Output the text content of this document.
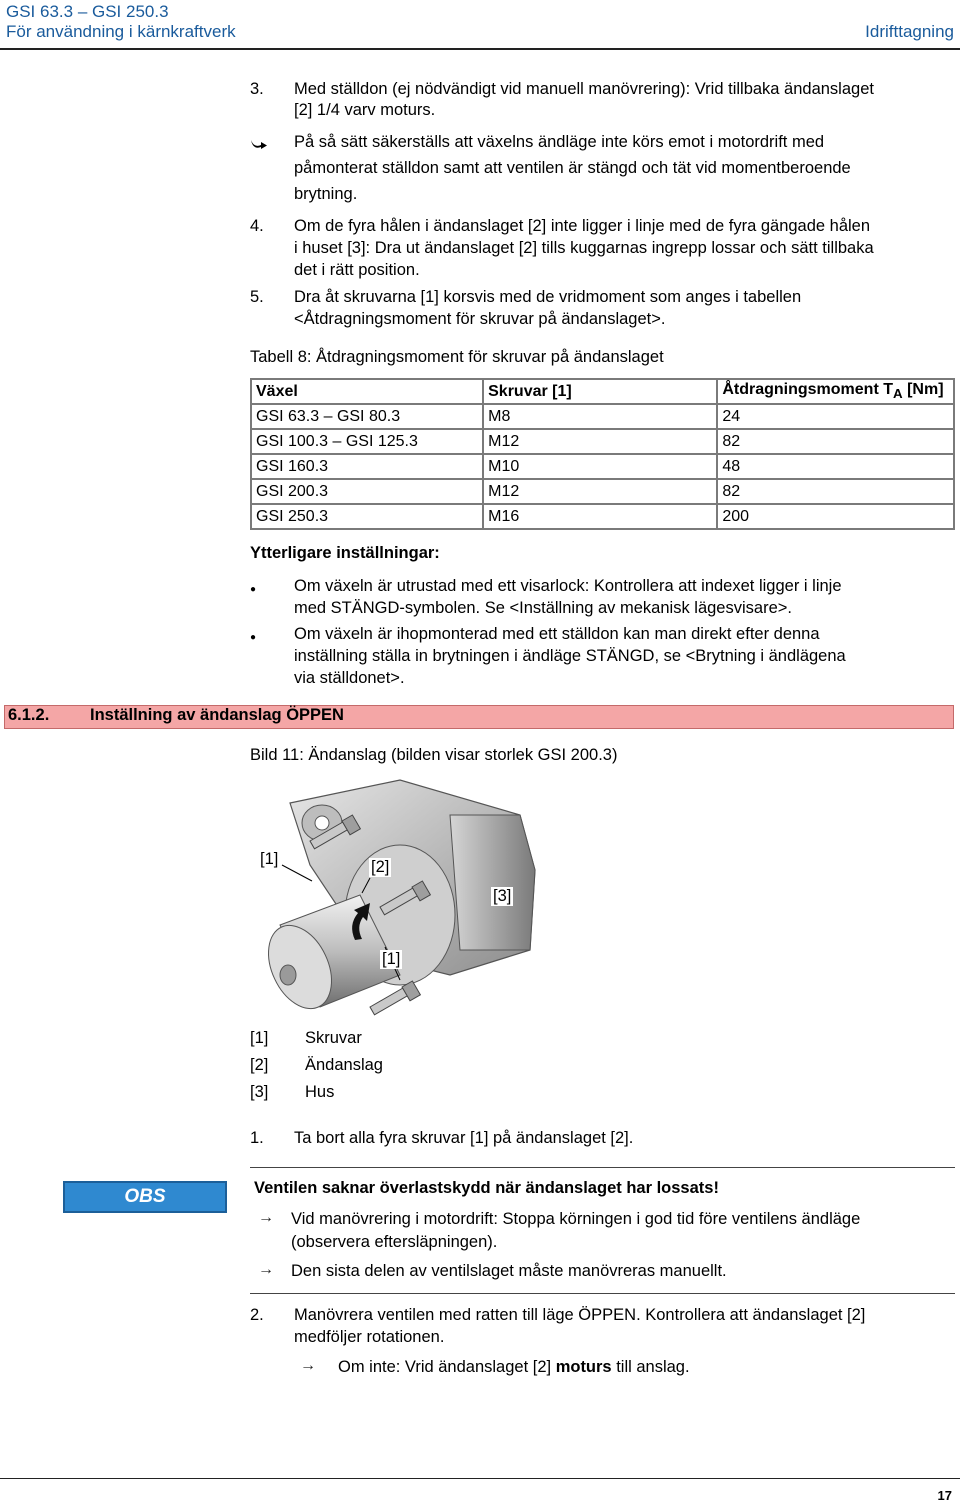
GSI 63.3 – GSI 250.3
För användning i kärnkraftverk	Idrifttagning
3. Med ställdon (ej nödvändigt vid manuell manövrering): Vrid tillbaka ändanslaget
[2] 1/4 varv moturs.
På så sätt säkerställs att växelns ändläge inte körs emot i motordrift med
påmonterat ställdon samt att ventilen är stängd och tät vid momentberoende
brytning.
4. Om de fyra hålen i ändanslaget [2] inte ligger i linje med de fyra gängade hålen
i huset [3]: Dra ut ändanslaget [2] tills kuggarnas ingrepp lossar och sätt tillbaka
det i rätt position.
5. Dra åt skruvarna [1] korsvis med de vridmoment som anges i tabellen
<Åtdragningsmoment för skruvar på ändanslaget>.
Tabell 8: Åtdragningsmoment för skruvar på ändanslaget
Växel	Skruvar [1]	Åtdragningsmoment $T_A$ [Nm]
GSI 63.3 – GSI 80.3	M8	24
GSI 100.3 – GSI 125.3	M12	82
GSI 160.3	M10	48
GSI 200.3	M12	82
GSI 250.3	M16	200
Ytterligare inställningar:
● Om växeln är utrustad med ett visarlock: Kontrollera att indexet ligger i linje
med STÄNGD-symbolen. Se <Inställning av mekanisk lägesvisare>.
● Om växeln är ihopmonterad med ett ställdon kan man direkt efter denna
inställning ställa in brytningen i ändläge STÄNGD, se <Brytning i ändlägena
via ställdonet>.
6.1.2. Inställning av ändanslag ÖPPEN
Bild 11: Ändanslag (bilden visar storlek GSI 200.3)
[1]	[2]
[3]
[1]
[1] Skruvar
[2] Ändanslag
[3] Hus
1. Ta bort alla fyra skruvar [1] på ändanslaget [2].
OBS	Ventilen saknar överlastskydd när ändanslaget har lossats!
→ Vid manövrering i motordrift: Stoppa körningen i god tid före ventilens ändläge
(observera eftersläpningen).
→ Den sista delen av ventilslaget måste manövreras manuellt.
2. Manövrera ventilen med ratten till läge ÖPPEN. Kontrollera att ändanslaget [2]
medföljer rotationen.
→ Om inte: Vrid ändanslaget [2] moturs till anslag.
17
